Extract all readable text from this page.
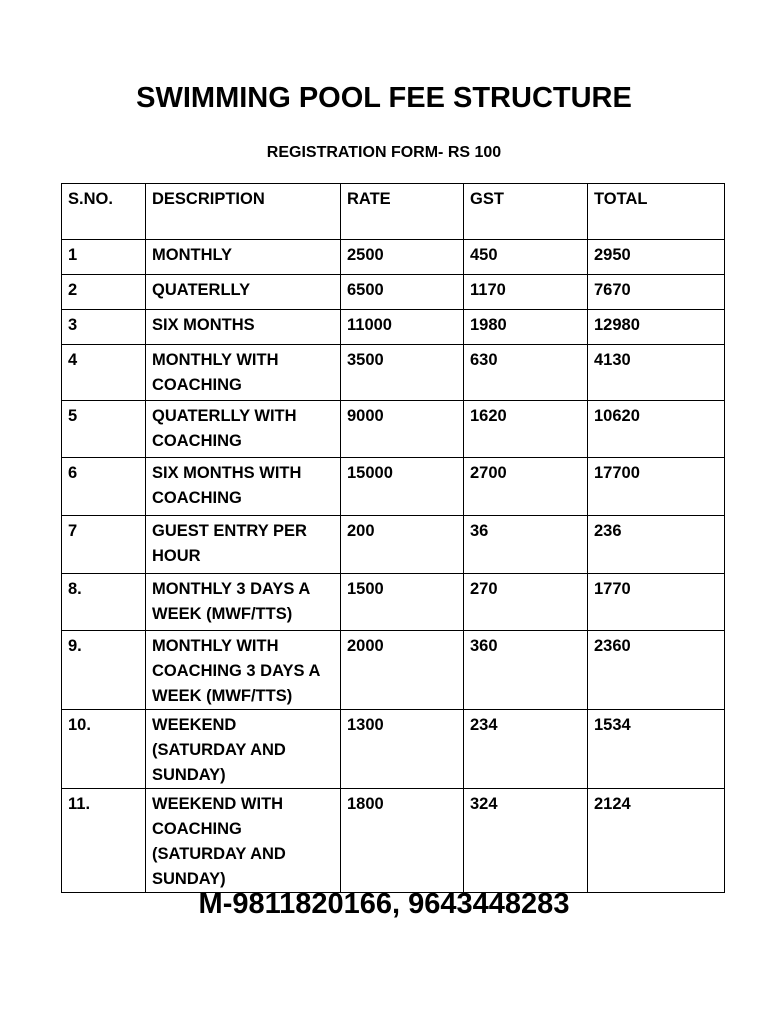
SWIMMING POOL FEE STRUCTURE
REGISTRATION FORM- RS 100
S.NO.	DESCRIPTION	RATE	GST	TOTAL
1	MONTHLY	2500	450	2950
2	QUATERLLY	6500	1170	7670
3	SIX MONTHS	11000	1980	12980
4	MONTHLY WITH COACHING	3500	630	4130
5	QUATERLLY WITH COACHING	9000	1620	10620
6	SIX MONTHS WITH COACHING	15000	2700	17700
7	GUEST ENTRY PER HOUR	200	36	236
8.	MONTHLY 3 DAYS A WEEK (MWF/TTS)	1500	270	1770
9.	MONTHLY WITH COACHING 3 DAYS A WEEK (MWF/TTS)	2000	360	2360
10.	WEEKEND (SATURDAY AND SUNDAY)	1300	234	1534
11.	WEEKEND WITH COACHING (SATURDAY AND SUNDAY)	1800	324	2124
M-9811820166, 9643448283
